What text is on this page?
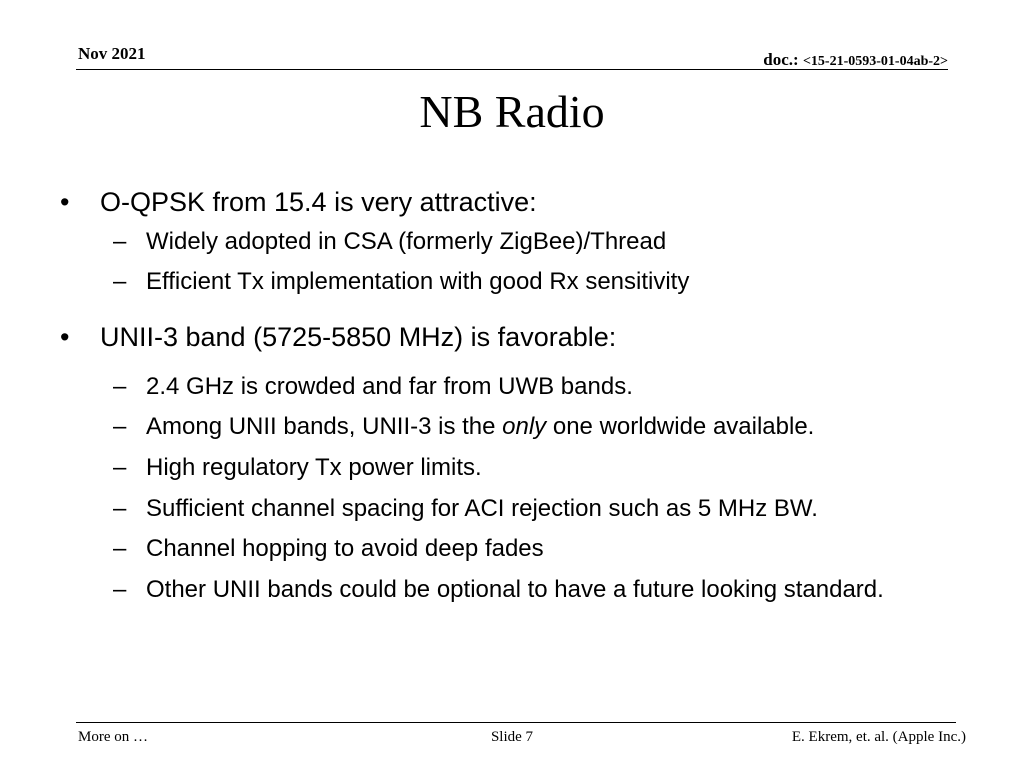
Nov 2021	doc.: <15-21-0593-01-04ab-2>
NB Radio
• O-QPSK from 15.4 is very attractive:
– Widely adopted in CSA (formerly ZigBee)/Thread
– Efficient Tx implementation with good Rx sensitivity
• UNII-3 band (5725-5850 MHz) is favorable:
– 2.4 GHz is crowded and far from UWB bands.
– Among UNII bands, UNII-3 is the only one worldwide available.
– High regulatory Tx power limits.
– Sufficient channel spacing for ACI rejection such as 5 MHz BW.
– Channel hopping to avoid deep fades
– Other UNII bands could be optional to have a future looking standard.
More on …	Slide 7	E. Ekrem, et. al. (Apple Inc.)
